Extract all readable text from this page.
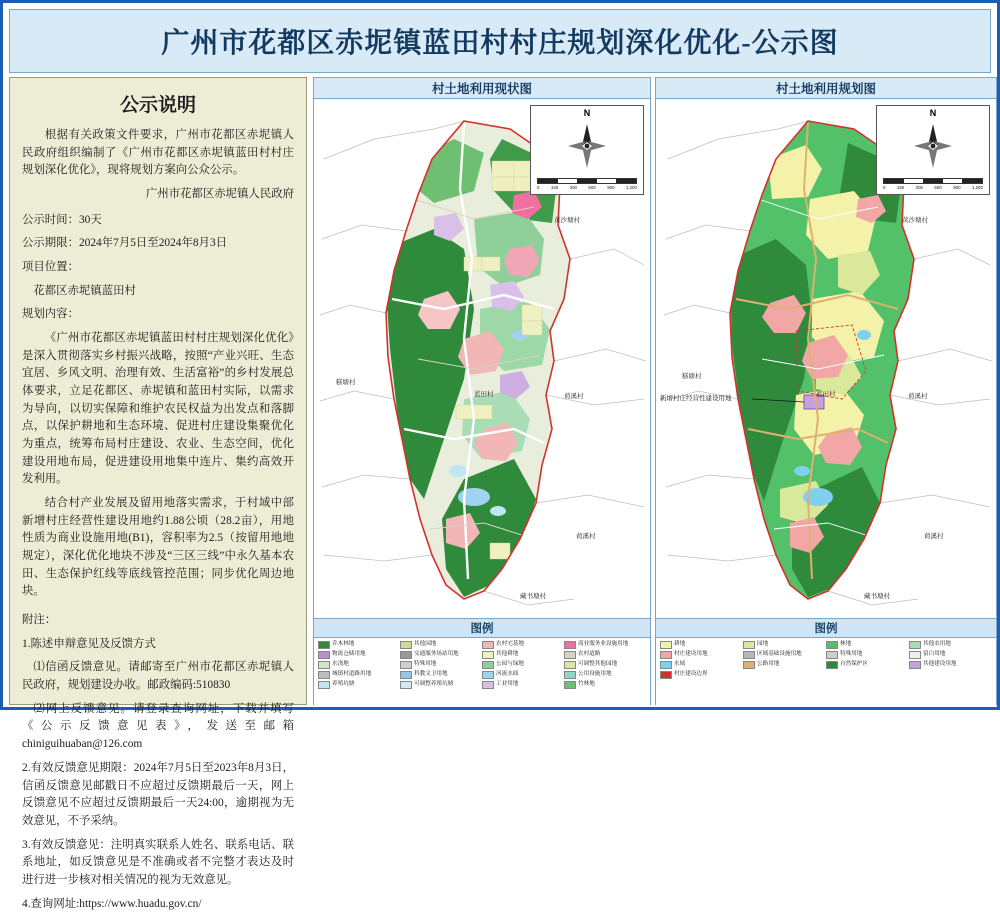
广州市花都区赤坭镇蓝田村村庄规划深化优化-公示图
公示说明

根据有关政策文件要求，广州市花都区赤坭镇人民政府组织编制了《广州市花都区赤坭镇蓝田村村庄规划深化优化》，现将规划方案向公众公示。

广州市花都区赤坭镇人民政府

公示时间：30天

公示期限：2024年7月5日至2024年8月3日

项目位置：

花都区赤坭镇蓝田村

规划内容：

《广州市花都区赤坭镇蓝田村村庄规划深化优化》是深入贯彻落实乡村振兴战略，按照“产业兴旺、生态宜居、乡风文明、治理有效、生活富裕”的乡村发展总体要求，立足花都区、赤坭镇和蓝田村实际，以需求为导向，以切实保障和维护农民权益为出发点和落脚点，以保护耕地和生态环境、促进村庄建设集聚优化为重点，统筹布局村庄建设、农业、生态空间，优化建设用地布局，促进建设用地集中连片、集约高效开发利用。

结合村产业发展及留用地落实需求，于村域中部新增村庄经营性建设用地约1.88公顷（28.2亩），用地性质为商业设施用地(B1)，容积率为2.5（按留用地地规定），深化优化地块不涉及“三区三线”中永久基本农田、生态保护红线等底线管控范围；同步优化周边地块。

附注：

1.陈述申辩意见及反馈方式

⑴信函反馈意见。请邮寄至广州市花都区赤坭镇人民政府，规划建设办收。邮政编码:510830

⑵网上反馈意见。请登录查询网址，下载并填写《公示反馈意见表》，发送至邮箱 chiniguihuaban@126.com

2.有效反馈意见期限：2024年7月5日至2023年8月3日，信函反馈意见邮戳日不应超过反馈期最后一天，网上反馈意见不应超过反馈期最后一天24:00，逾期视为无效意见，不予采纳。

3.有效反馈意见：注明真实联系人姓名、联系电话、联系地址，如反馈意见是不准确或者不完整才表达及时进行进一步核对相关情况的视为无效意见。

4.查询网址:https://www.huadu.gov.cn/

村土地利用现状图
N
0	150	300	600	900	1,200
黄沙塘村
糕塘村
蓝田村	荷溪村
荷溪村
藏书塘村
图例
乔木林地	其他园地	农村宅基地	商业服务业设施用地
物流仓储用地	交通服务场站用地	其他耕地	农村道路
水浇地	特殊用地	公园与绿地	可调整其他园地
城镇村道路用地	科教文卫用地	河流水面	公用设施用地
养殖坑塘	可调整养殖坑塘	工业用地	竹林地
村土地利用规划图
新增村庄经营性建设用地
N
0	150	300	600	900	1,200
黄沙塘村
糕塘村
蓝田村	荷溪村
荷溪村
藏书塘村
图例
耕地	园地	林地	其他农用地
村庄建设用地	区域基础设施用地	特殊用地	留白用地
水域	公路用地	自然保护区	其他建设用地
村庄建设边界
